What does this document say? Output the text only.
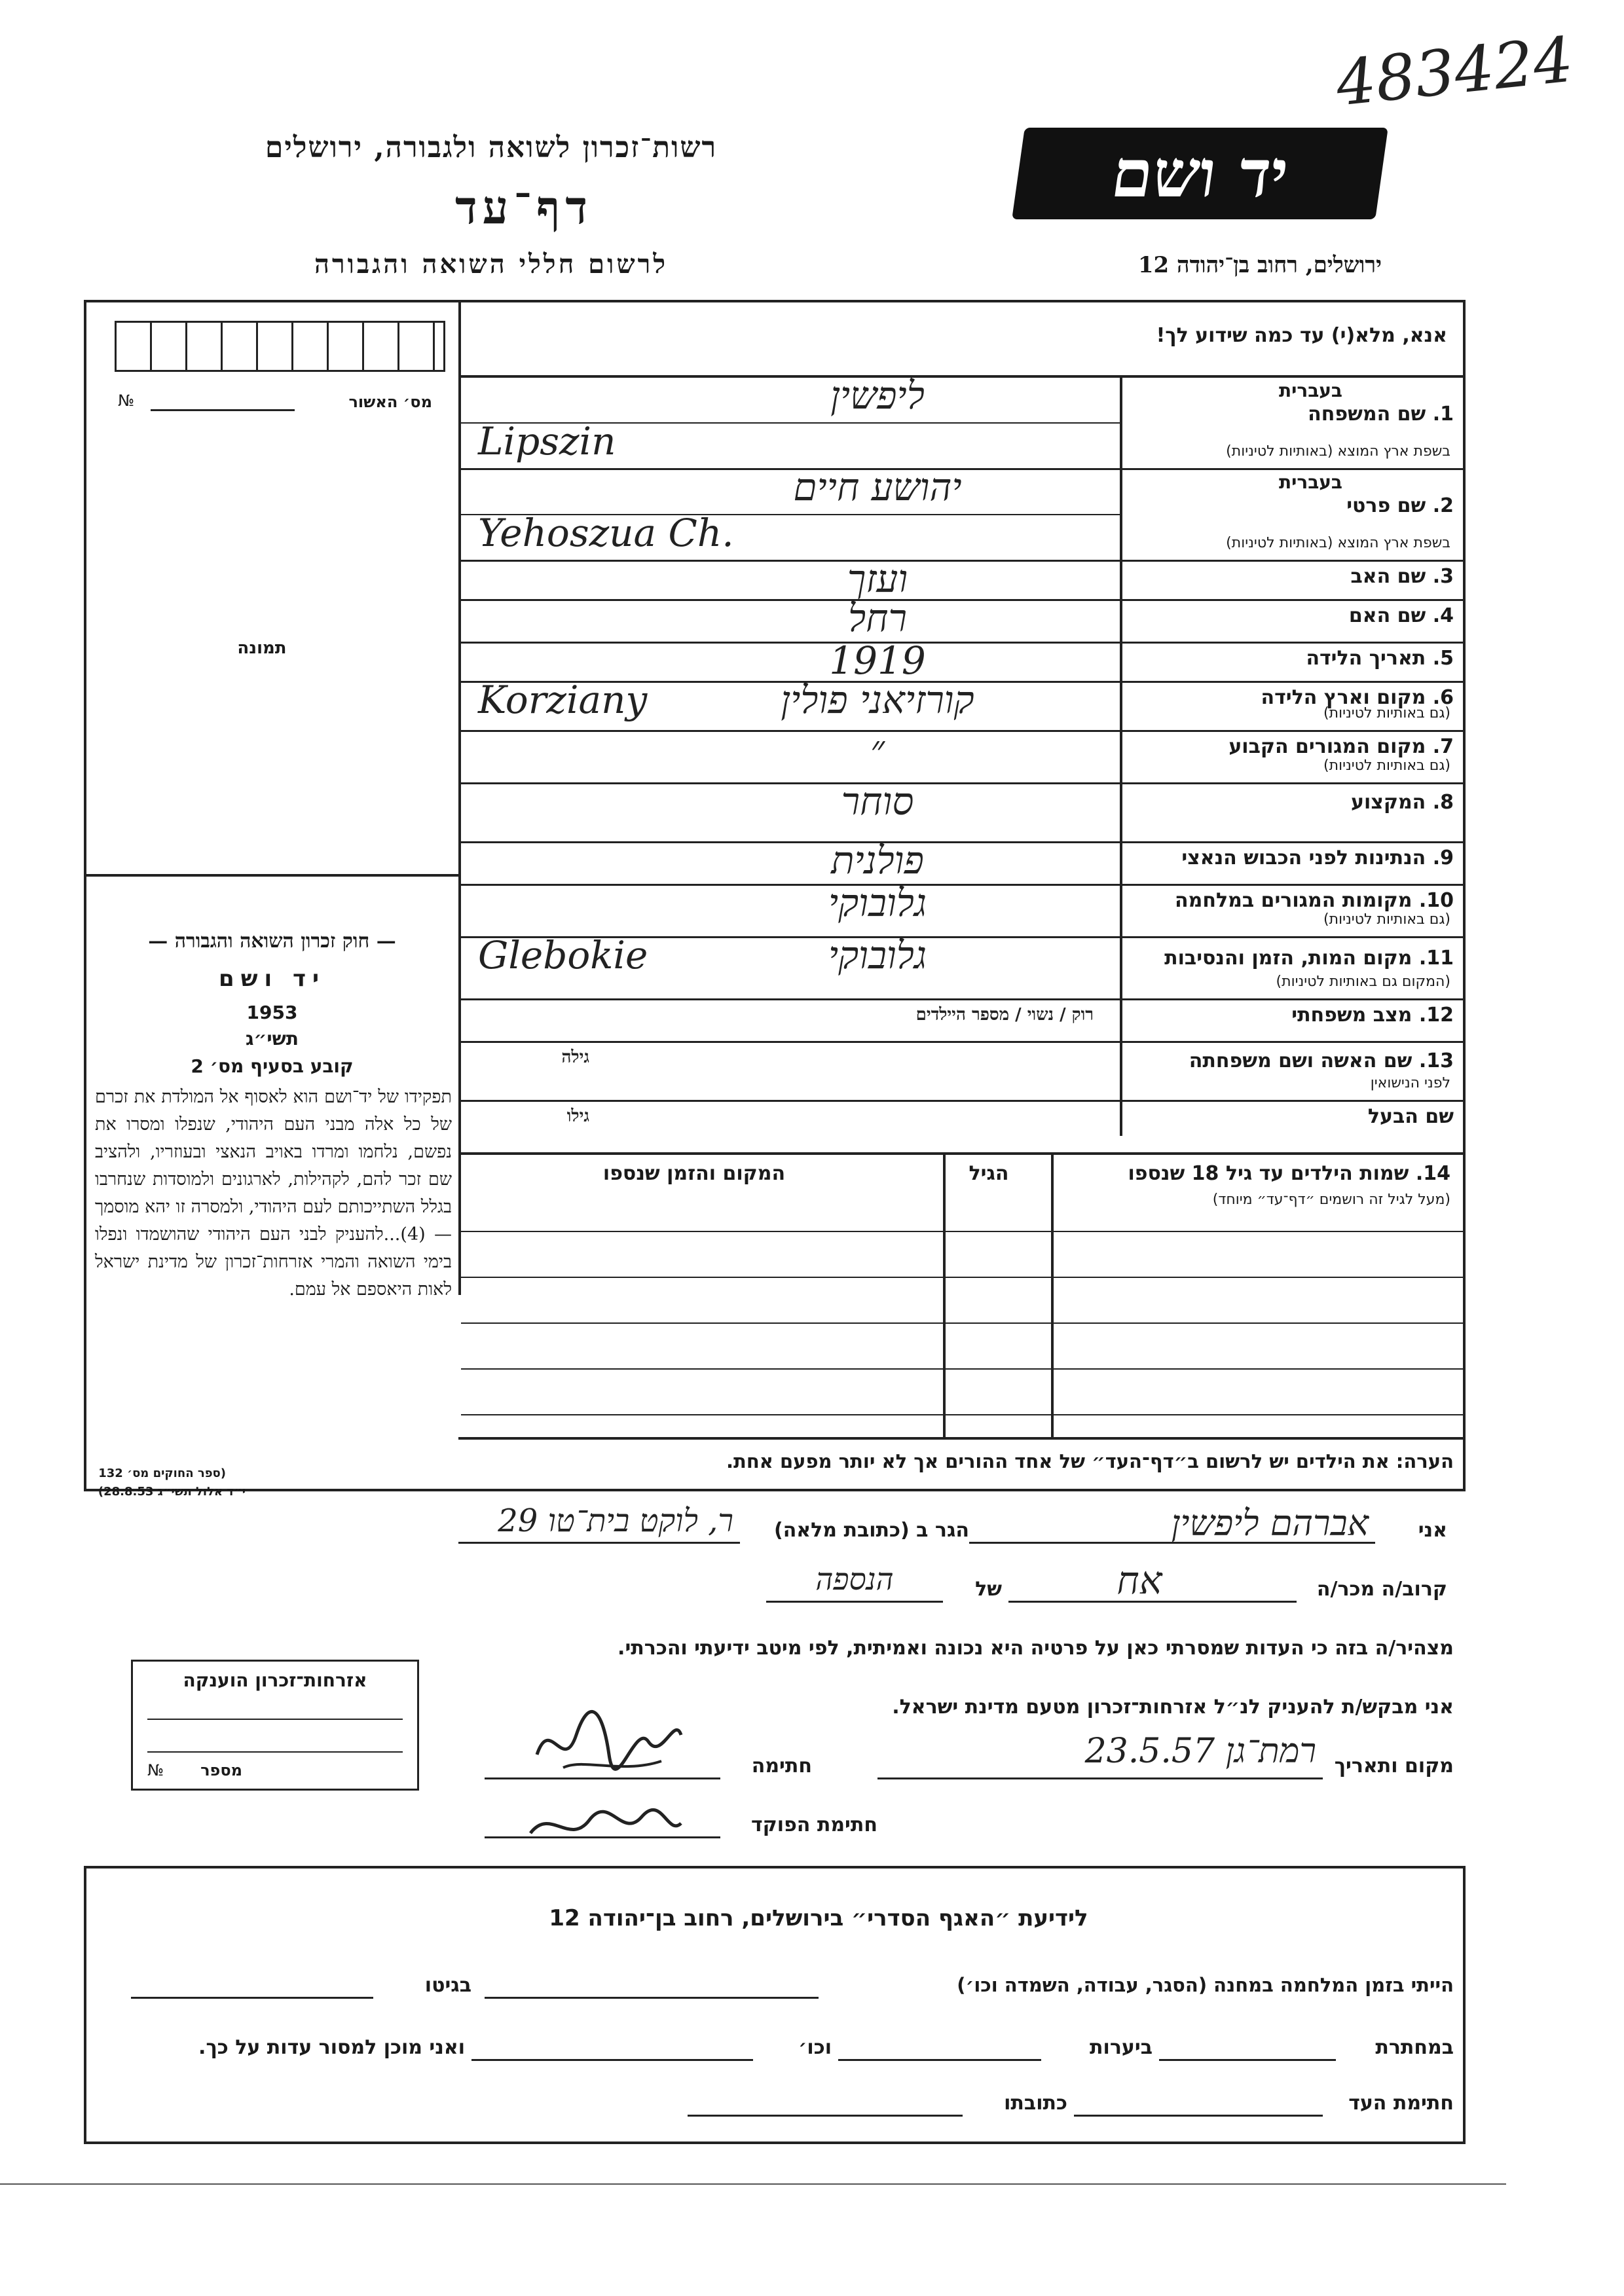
483424
יד ושם
רשות־זכרון לשואה ולגבורה, ירושלים
דף־עד
לרשום חללי השואה והגבורה	ירושלים, רחוב בן־יהודה 12
מס׳ האשור
№
תמונה
— חוק זכרון השואה והגבורה —
יד ושם
1953
תשי״ג
קובע בסעיף מס׳ 2
תפקידו של יד־ושם הוא לאסוף אל המולדת את זכרם של כל אלה מבני העם היהודי, שנפלו ומסרו את נפשם, נלחמו ומרדו באויב הנאצי ובעוזריו, ולהציב שם זכר להם, לקהילות, לארגונים ולמוסדות שנחרבו בגלל השתייכותם לעם היהודי, ולמסרה זו יהא מוסמך — (4)...להעניק לבני העם היהודי שהושמדו ונפלו בימי השואה והמרי אזרחות־זכרון של מדינת ישראל לאות היאספם אל עמם.
(ספר החוקים מס׳ 132
י״ד אלול תשי״ג 28.8.53)
אנא, מלא(י) עד כמה שידוע לך!
1. שם המשפחה
בעברית
בשפת ארץ המוצא (באותיות לטיניות)
ליפשין
Lipszin
2. שם פרטי
בעברית
בשפת ארץ המוצא (באותיות לטיניות)
יהושע חיים
Yehoszua Ch.
3. שם האב
ועזך
4. שם האם
רחל
5. תאריך הלידה
1919
6. מקום וארץ הלידה
(גם באותיות לטיניות)
קורזיאני פולין
Korziany
7. מקום המגורים הקבוע
(גם באותיות לטיניות)
״
8. המקצוע
סוחר
9. הנתינות לפני הכבוש הנאצי
פולנית
10. מקומות המגורים במלחמה
(גם באותיות לטיניות)
גלובוקי
11. מקום המות, הזמן והנסיבות
(המקום גם באותיות לטיניות)
גלובוקי
Glebokie
12. מצב משפחתי
רוק / נשוי / מספר היילדים
13. שם האשה ושם משפחתה
לפני הנישואין
גילה
שם הבעל
גילו
14. שמות הילדים עד גיל 18 שנספו
(מעל לגיל זה רושמים ״דף־עד״ מיוחד)
הגיל
המקום והזמן שנספו
הערה: את הילדים יש לרשום ב״דף־העד״ של אחד ההורים אך לא יותר מפעם אחת.
אני
אברהם ליפשין
הגר ב (כתובת מלאה)
ר, לוקט בית־טו 29
קרוב/ה מכר/ה
אח
של
הנספה
מצהיר/ה בזה כי העדות שמסרתי כאן על פרטיה היא נכונה ואמיתית, לפי מיטב ידיעתי והכרתי.
אני מבקש/ת להעניק לנ״ל אזרחות־זכרון מטעם מדינת ישראל.
מקום ותאריך
רמת־גן 23.5.57
חתימה
חתימת הפוקד
אזרחות־זכרון הוענקה
מספר
№
לידיעת ״האגף הסדרי״ בירושלים, רחוב בן־יהודה 12
הייתי בזמן המלחמה במחנה (הסגר, עבודה, השמדה וכו׳)
בגיטו
במחתרת
ביערות
וכו׳
ואני מוכן למסור עדות על כך.
חתימת העד
כתובתו
